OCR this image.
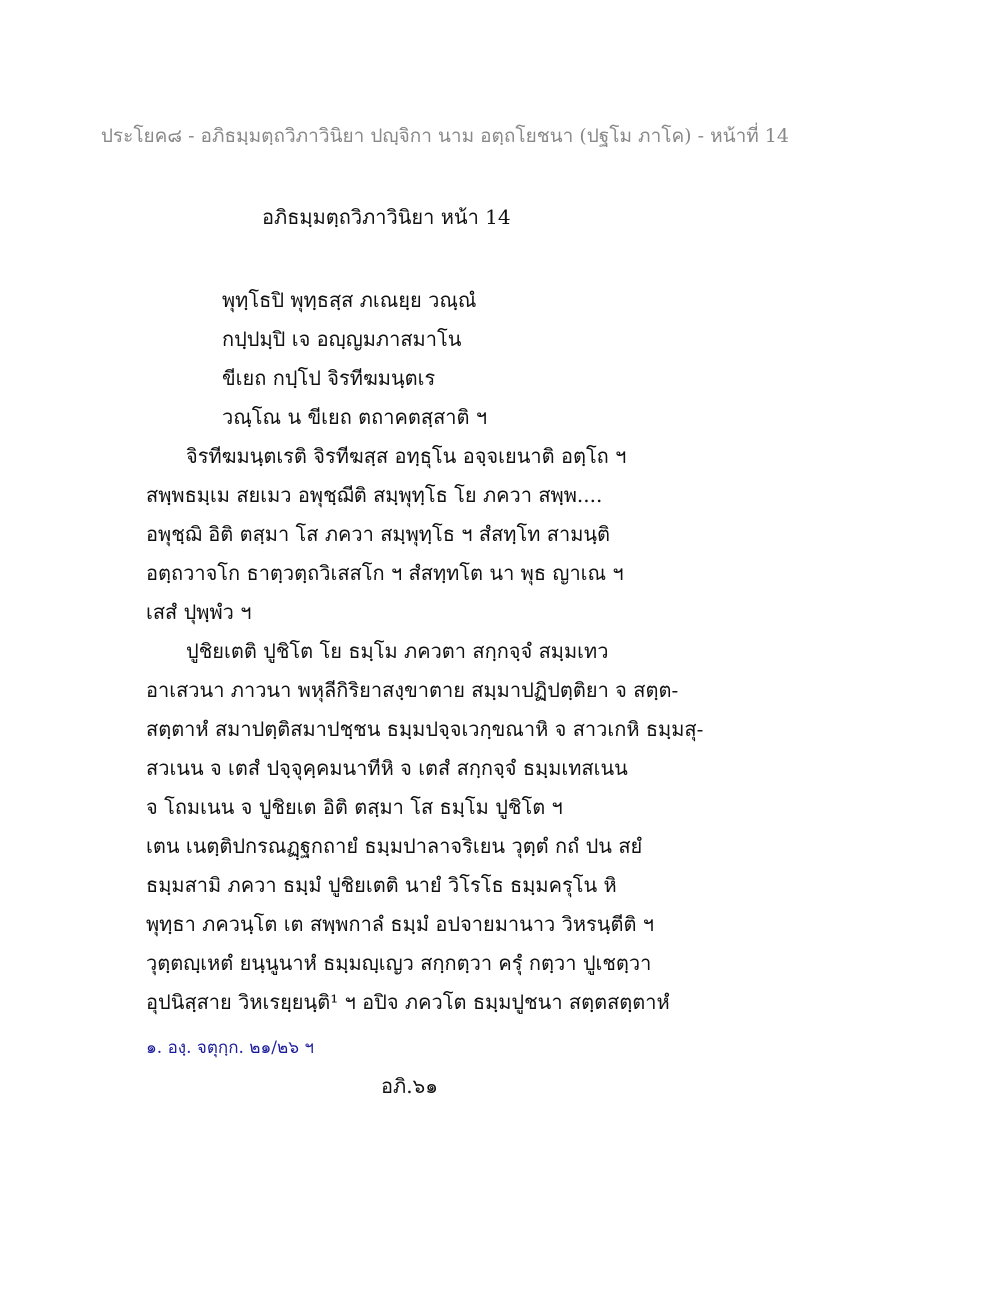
ประโยค๘ - อภิธมฺมตฺถวิภาวินิยา ปญฺจิกา นาม อตฺถโยชนา (ปฐโม ภาโค) - หน้าที่ 14
อภิธมฺมตฺถวิภาวินิยา หน้า 14
พุทฺโธปิ พุทฺธสฺส ภเณยฺย วณฺณํ
กปฺปมฺปิ เจ อญฺญมภาสมาโน
ขีเยถ กปฺโป จิรทีฆมนฺตเร
วณฺโณ น ขีเยถ ตถาคตสฺสาติ ฯ
จิรทีฆมนฺตเรติ จิรทีฆสฺส อทฺธุโน อจฺจเยนาติ อตฺโถ ฯ
สพฺพธมฺเม สยเมว อพุชฺฌีติ สมฺพุทฺโธ โย ภควา สพฺพ....
อพุชฺฌิ อิติ ตสฺมา โส ภควา สมฺพุทฺโธ ฯ สํสทฺโท สามนฺติ
อตฺถวาจโก ธาตฺวตฺถวิเสสโก ฯ สํสทฺทโต นา พุธ ญาเณ ฯ
เสสํ ปุพฺพํว ฯ
ปูชิยเตติ ปูชิโต โย ธมฺโม ภควตา สกฺกจฺจํ สมฺมเทว
อาเสวนา ภาวนา พหุลีกิริยาสงฺขาตาย สมฺมาปฏิปตฺติยา จ สตฺต-
สตฺตาหํ สมาปตฺติสมาปชฺชน ธมฺมปจฺจเวกฺขณาหิ จ สาวเกหิ ธมฺมสุ-
สวเนน จ เตสํ ปจฺจุคฺคมนาทีหิ จ เตสํ สกฺกจฺจํ ธมฺมเทสเนน
จ โถมเนน จ ปูชิยเต อิติ ตสฺมา โส ธมฺโม ปูชิโต ฯ
เตน เนตฺติปกรณฏฺฐกถายํ ธมฺมปาลาจริเยน วุตฺตํ กถํ ปน สยํ
ธมฺมสามิ ภควา ธมฺมํ ปูชิยเตติ นายํ วิโรโธ ธมฺมครุโน หิ
พุทฺธา ภควนฺโต เต สพฺพกาลํ ธมฺมํ อปจายมานาว วิหรนฺตีติ ฯ
วุตฺตญฺเหตํ ยนฺนูนาหํ ธมฺมญฺเญว สกฺกตฺวา ครุํ กตฺวา ปูเชตฺวา
อุปนิสฺสาย วิหเรยฺยนฺติ¹ ฯ อปิจ ภควโต ธมฺมปูชนา สตฺตสตฺตาหํ
๑. องฺ. จตุกฺก. ๒๑/๒๖ ฯ
อภิ.๖๑
